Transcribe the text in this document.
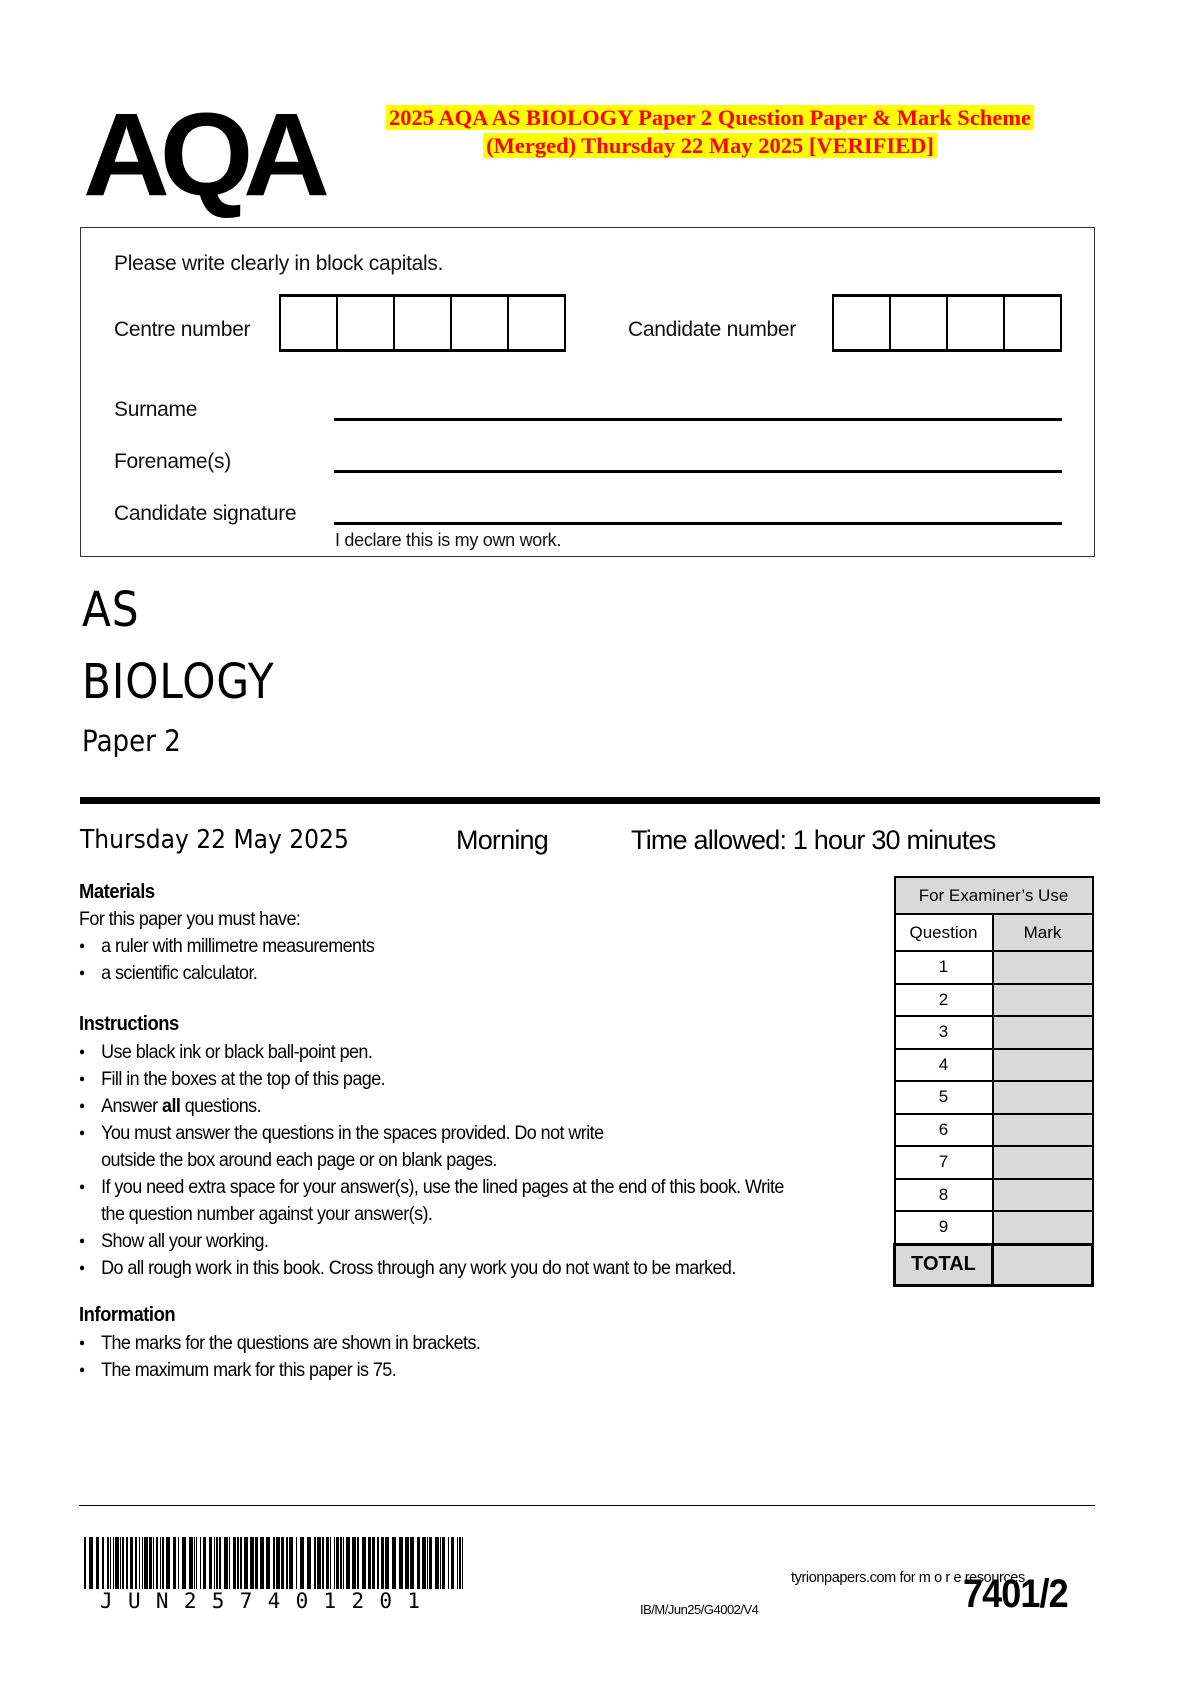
AQA	2025 AQA AS BIOLOGY Paper 2 Question Paper & Mark Scheme
(Merged) Thursday 22 May 2025 [VERIFIED]
Please write clearly in block capitals.
Centre number	Candidate number
Surname
Forename(s)
Candidate signature
I declare this is my own work.
AS
BIOLOGY
Paper 2
Thursday 22 May 2025	Morning	Time allowed: 1 hour 30 minutes
Materials
For this paper you must have:
● a ruler with millimetre measurements
● a scientific calculator.
Instructions
● Use black ink or black ball-point pen.
● Fill in the boxes at the top of this page.
● Answer all questions.
● You must answer the questions in the spaces provided. Do not write
outside the box around each page or on blank pages.
● If you need extra space for your answer(s), use the lined pages at the end of this book. Write
the question number against your answer(s).
● Show all your working.
● Do all rough work in this book. Cross through any work you do not want to be marked.
Information
● The marks for the questions are shown in brackets.
● The maximum mark for this paper is 75.
For Examiner’s Use	
Question	Mark
1	
2	
3	
4	
5	
6	
7	
8	
9	
TOTAL	
JUN257401201	IB/M/Jun25/G4002/V4
tyrionpapers.com for m o r e resources
7401/2
